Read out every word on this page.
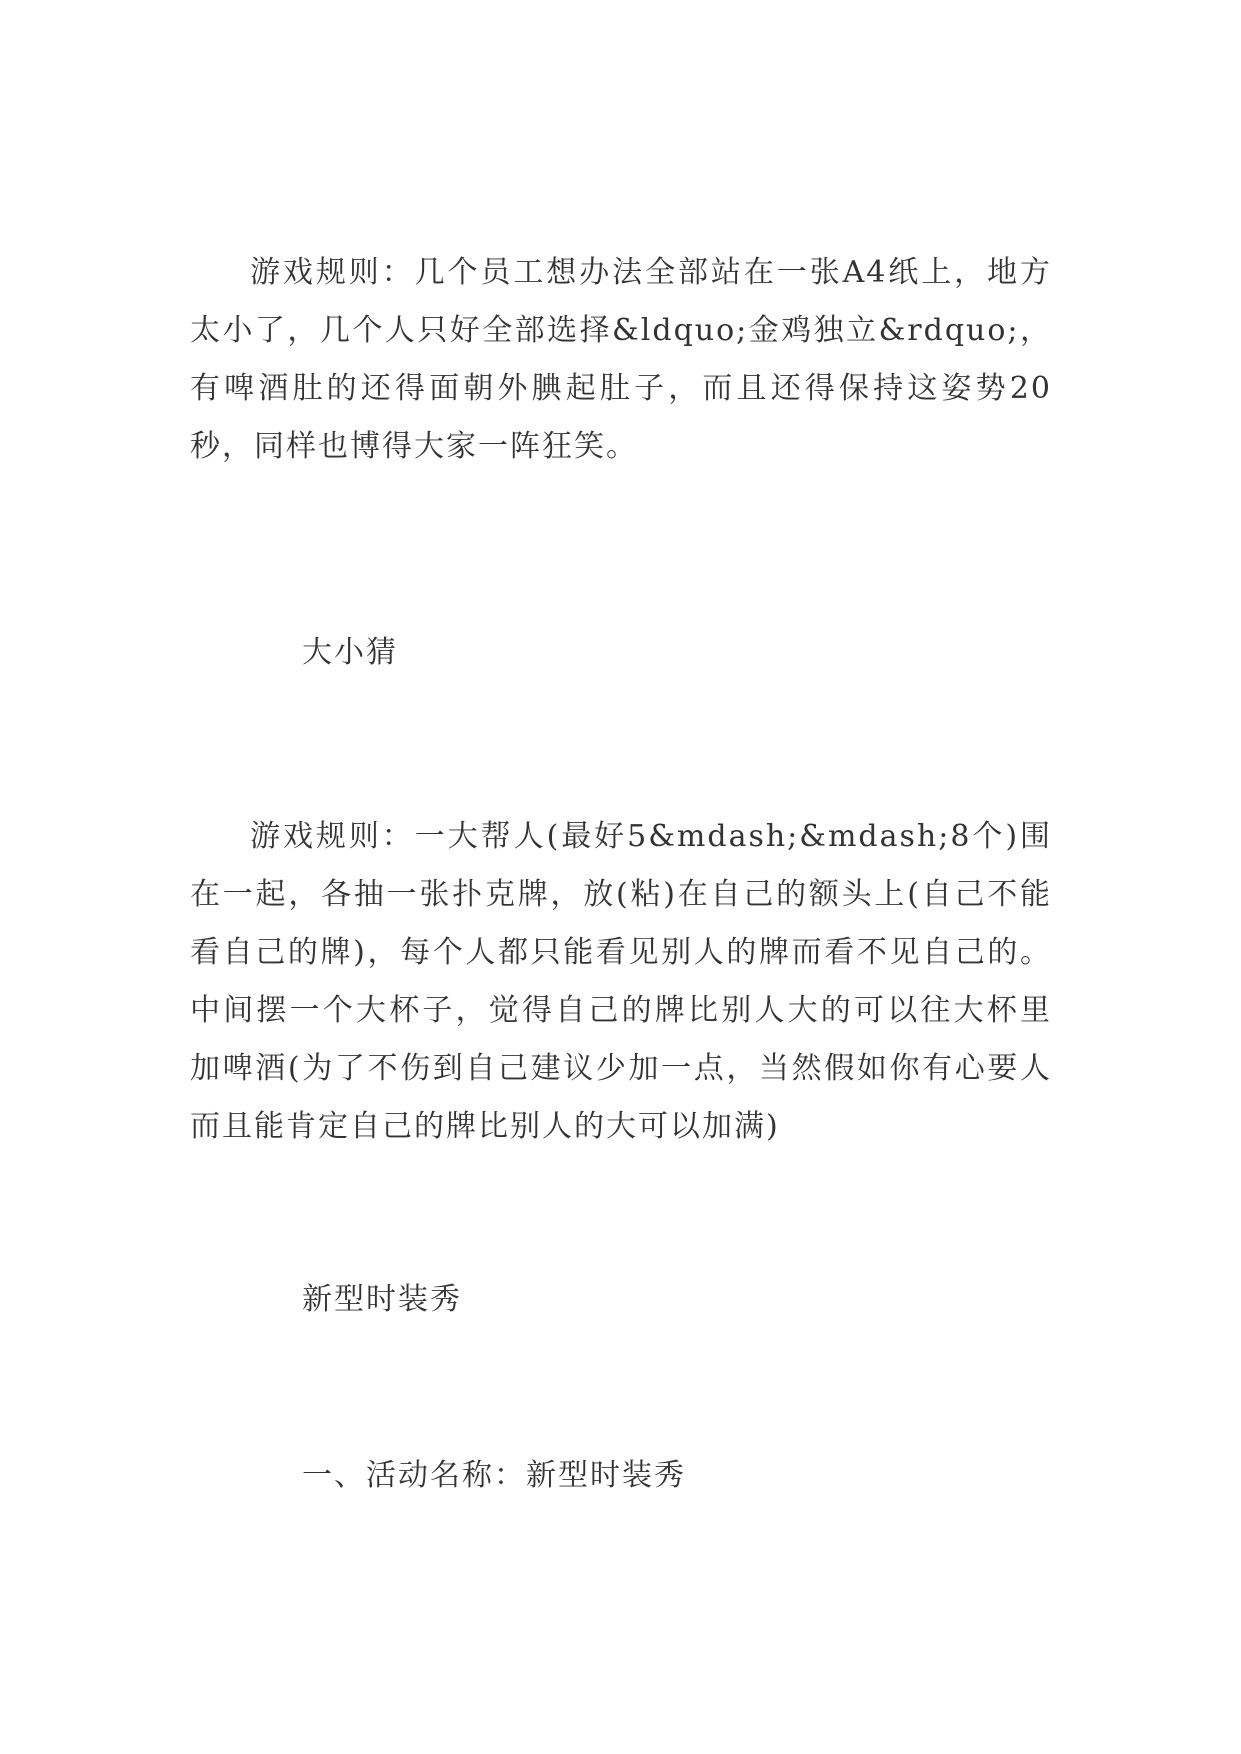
游戏规则：几个员工想办法全部站在一张A4纸上，地方太小了，几个人只好全部选择&ldquo;金鸡独立&rdquo;，有啤酒肚的还得面朝外腆起肚子，而且还得保持这姿势20秒，同样也博得大家一阵狂笑。

大小猜

游戏规则：一大帮人(最好5&mdash;&mdash;8个)围在一起，各抽一张扑克牌，放(粘)在自己的额头上(自己不能看自己的牌)，每个人都只能看见别人的牌而看不见自己的。中间摆一个大杯子，觉得自己的牌比别人大的可以往大杯里加啤酒(为了不伤到自己建议少加一点，当然假如你有心要人而且能肯定自己的牌比别人的大可以加满)

新型时装秀
一、活动名称：新型时装秀
